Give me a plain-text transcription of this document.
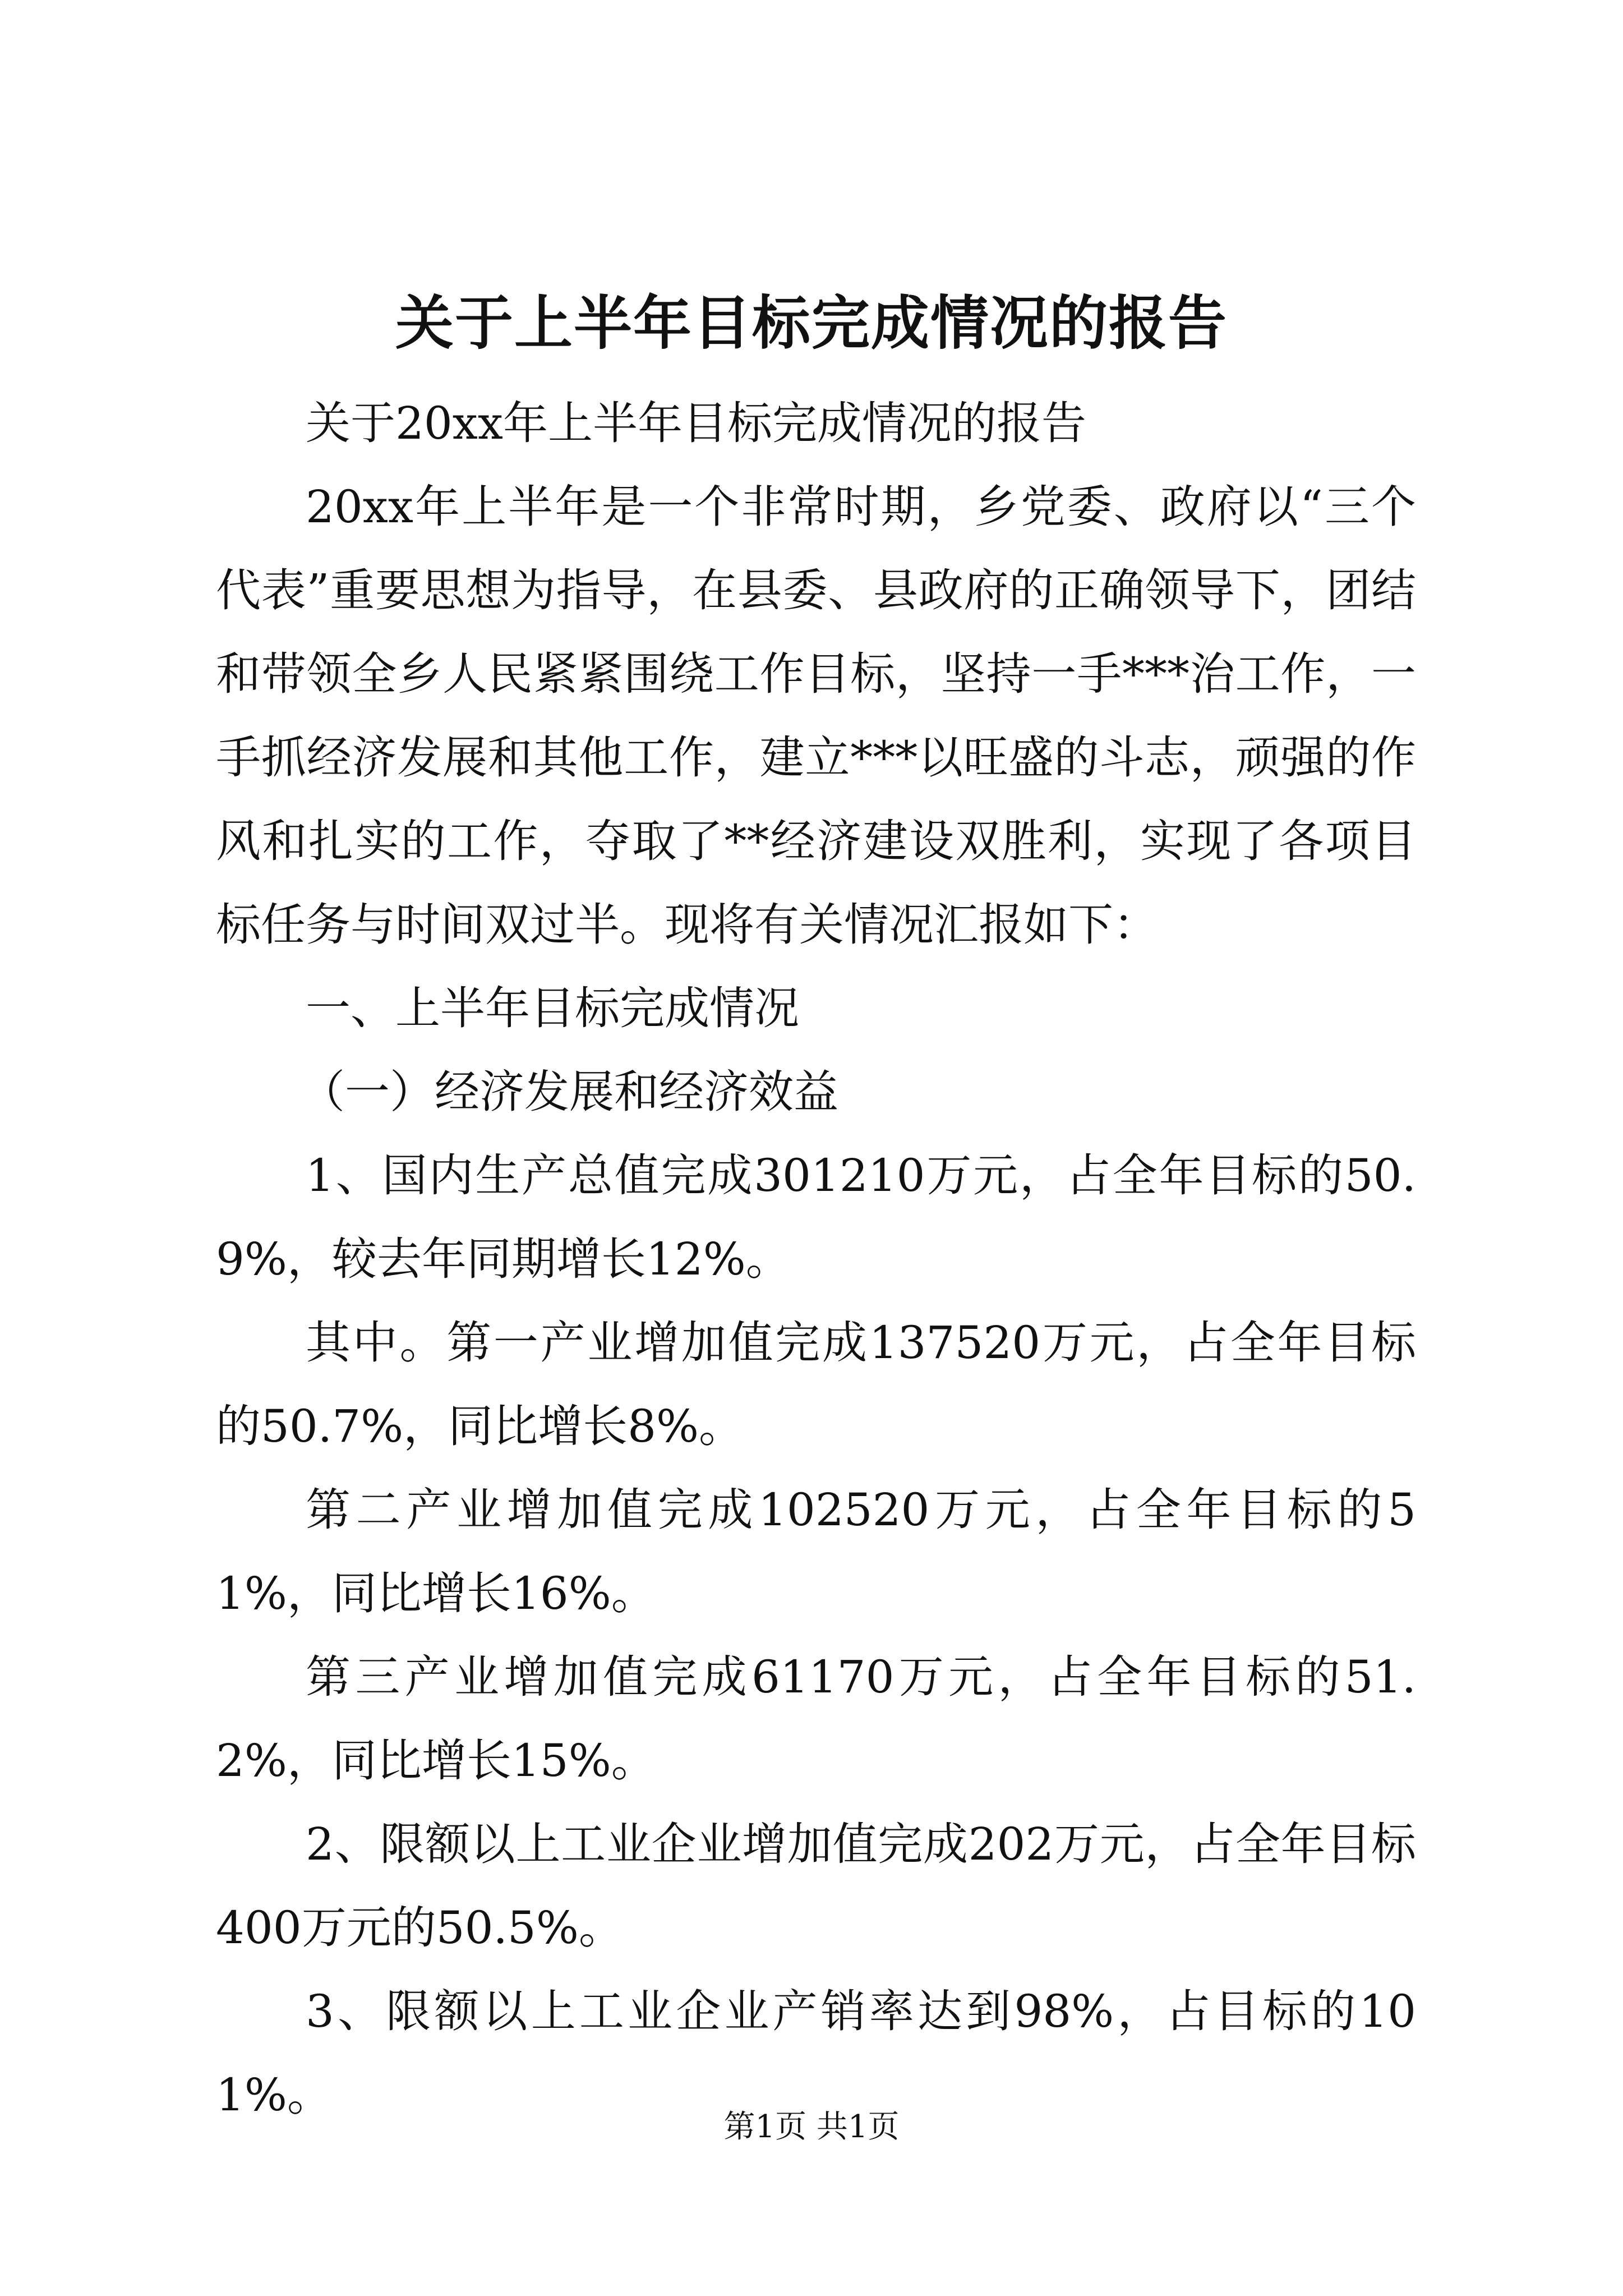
关于上半年目标完成情况的报告

关于20xx年上半年目标完成情况的报告

20xx年上半年是一个非常时期，乡党委、政府以“三个代表”重要思想为指导，在县委、县政府的正确领导下，团结和带领全乡人民紧紧围绕工作目标，坚持一手***治工作，一手抓经济发展和其他工作，建立***以旺盛的斗志，顽强的作风和扎实的工作，夺取了**经济建设双胜利，实现了各项目标任务与时间双过半。现将有关情况汇报如下：

一、上半年目标完成情况

（一）经济发展和经济效益

1、国内生产总值完成301210万元，占全年目标的50.9%，较去年同期增长12%。

其中。第一产业增加值完成137520万元，占全年目标的50.7%，同比增长8%。

第二产业增加值完成102520万元，占全年目标的51%，同比增长16%。

第三产业增加值完成61170万元，占全年目标的51.2%，同比增长15%。

2、限额以上工业企业增加值完成202万元，占全年目标400万元的50.5%。

3、限额以上工业企业产销率达到98%，占目标的101%。

第1页 共1页
